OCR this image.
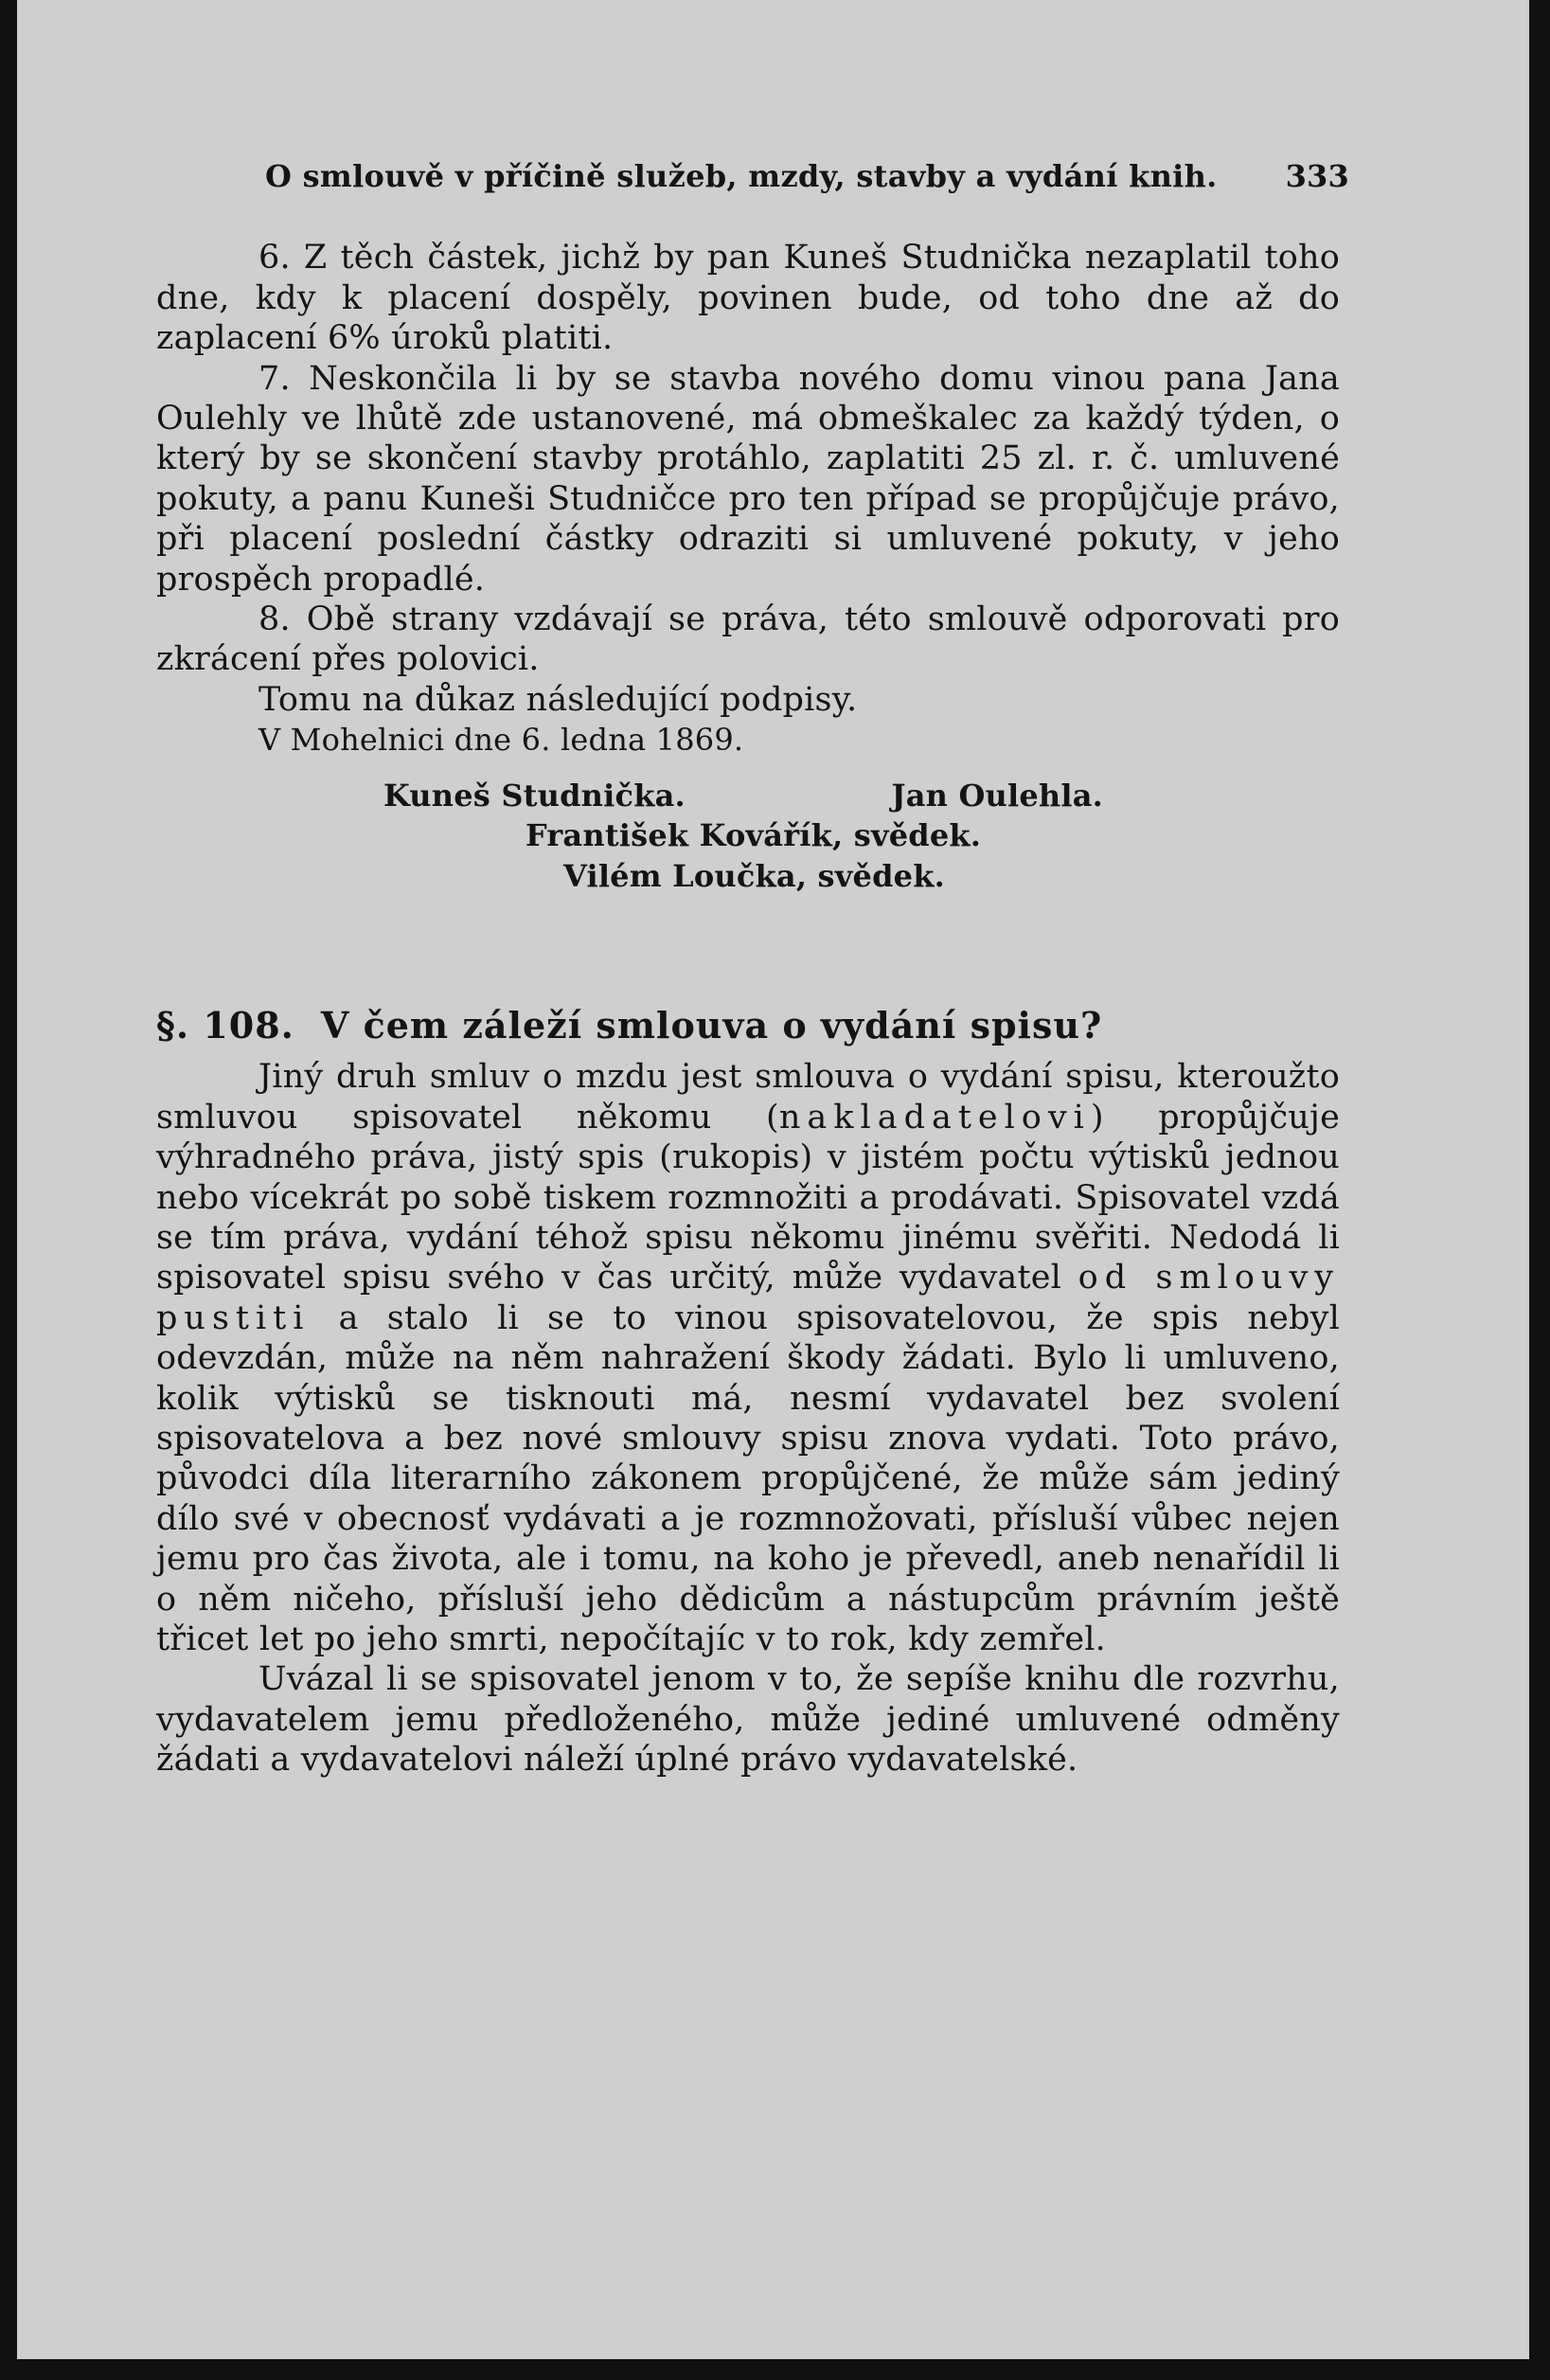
O smlouvě v příčině služeb, mzdy, stavby a vydání knih. 333

6. Z těch částek, jichž by pan Kuneš Studnička nezaplatil toho dne, kdy k placení dospěly, povinen bude, od toho dne až do zaplacení 6% úroků platiti.

7. Neskončila li by se stavba nového domu vinou pana Jana Oulehly ve lhůtě zde ustanovené, má obmeškalec za každý týden, o který by se skončení stavby protáhlo, zaplatiti 25 zl. r. č. umluvené pokuty, a panu Kuneši Studničce pro ten případ se propůjčuje právo, při placení poslední částky odraziti si umluvené pokuty, v jeho prospěch propadlé.

8. Obě strany vzdávají se práva, této smlouvě odporovati pro zkrácení přes polovici.

Tomu na důkaz následující podpisy.

V Mohelnici dne 6. ledna 1869.

Kuneš Studnička.	Jan Oulehla.

František Kovářík, svědek.

Vilém Loučka, svědek.

§. 108. V čem záleží smlouva o vydání spisu?

Jiný druh smluv o mzdu jest smlouva o vydání spisu, kteroužto smluvou spisovatel někomu (nakladatelovi) propůjčuje výhradného práva, jistý spis (rukopis) v jistém počtu výtisků jednou nebo vícekrát po sobě tiskem rozmnožiti a prodávati. Spisovatel vzdá se tím práva, vydání téhož spisu někomu jinému svěřiti. Nedodá li spisovatel spisu svého v čas určitý, může vydavatel od smlouvy pustiti a stalo li se to vinou spisovatelovou, že spis nebyl odevzdán, může na něm nahražení škody žádati. Bylo li umluveno, kolik výtisků se tisknouti má, nesmí vydavatel bez svolení spisovatelova a bez nové smlouvy spisu znova vydati. Toto právo, původci díla literarního zákonem propůjčené, že může sám jediný dílo své v obecnosť vydávati a je rozmnožovati, přísluší vůbec nejen jemu pro čas života, ale i tomu, na koho je převedl, aneb nenařídil li o něm ničeho, přísluší jeho dědicům a nástupcům právním ještě třicet let po jeho smrti, nepočítajíc v to rok, kdy zemřel.

Uvázal li se spisovatel jenom v to, že sepíše knihu dle rozvrhu, vydavatelem jemu předloženého, může jediné umluvené odměny žádati a vydavatelovi náleží úplné právo vydavatelské.
